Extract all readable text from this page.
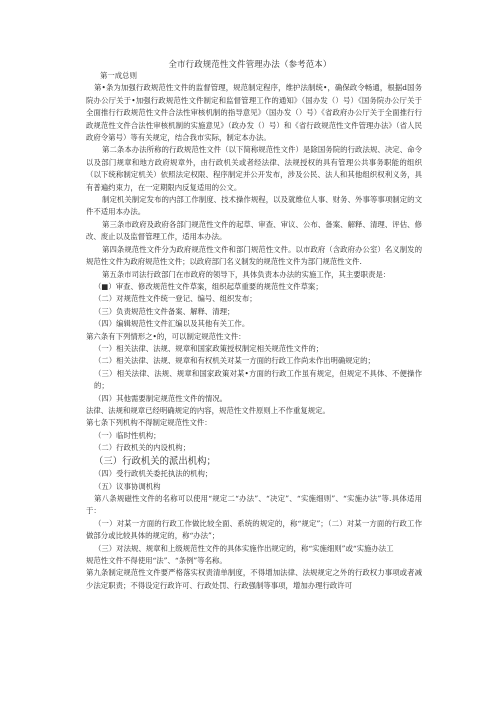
全市行政规范性文件管理办法（参考范本）

第一成总则

第•条为加强行政规范性文件的监督管理，规范制定程序，维护法制统•，确保政令畅通，根据d国务院办公厅关于•加强行政规范性文件制定和监督管理工作的通知》（国办发（）号）《国务院办公厅关于全面推行行政规范性文件合法性审核机制的指导意见》（国办发（）号）《省政府办公厅关于全面推行行政规范性文件合法性审核机制的实施意见》（政办发（）号）和《省行政规范性文件管理办法》（省人民政府令第号）等有关规定，结合我市实际，制定本办法。

第二条本办法所称的行政规范性文件（以下简称规范性文件）是除国务院的行政法规、决定、命令以及部门规章和地方政府规章外，由行政机关或者经法律、法规授权的具有管理公共事务职能的组织（以下统称制定机关）依照法定权限、程序制定并公开发布，涉及公民、法人和其他组织权利义务，具有普遍约束力，在一定期限内反复适用的公文。

制定机关制定发布的内部工作制度、技术操作规程，以及就维位人事、财务、外事等事项制定的文件不适用本办法。

第三条市政府及政府各部门规范性文件的起草、审查、审议、公布、备案、解释、清理、评估、修改、废止以及监督管理工作，适用本办法。

第四条规范性文件分为政府规范性文件和部门规范性文件。以市政府（含政府办公室）名义制发的规范性文件为政府规范性文件；以政府部门名义制发的规范性文件为部门规范性文件.

第五条市司法行政部门在市政府的领导下，具体负责本办法的实施工作，其主要职责是：

（■）审查、修改规范性文件草案，组织起草重要的规范性文件草案；

（二）对规范性文件统一登记、编号、组织发布；

（三）负责规范性文件备案、解释、清理；

（四）编辑规范性文件汇编以及其他有关工作。

第六条有下列情形之•的，可以制定规范性文件：

（一）相关法律、法规、规章和国家政策授权制定相关规范性文件的；

（二）相关法律、法规、规章和有权机关对某一方面的行政工作尚未作出明确规定的；

（三）相关法律、法规、规章和国家政策对某•方面的行政工作虽有规定，但规定不具体、不便操作的；

（四）其他需要制定规范性文件的情况。

法律、法规和规章已经明确规定的内容，规范性文件原则上不作重复规定。

第七条下列机构不得制定规范性文件：

（一）临时性机构；

（二）行政机关的内设机构；

（三）行政机关的派出机构；

（四）受行政机关委托执法的机构；

（五）议事协调机构

第八条规磁性文件的名称可以使用“规定二“办法”、“决定”、“实施细则”、“实施办法”等.具体适用于：

（一）对某一方面的行政工作做比较全面、系统的规定的，称“规定”；（二）对某一方面的行政工作做部分或比较具体的规定的，称“办法”；

（三）对法规、规章和上级规范性文件的具体实施作出规定的，称“实施细则”或“实施办法工

规范性文件不得使用“法”、“条例”等名称。

第九条制定规范性文件要严格落实权责清单制度，不得增加法律、法规规定之外的行政权力事项或者减少法定职责；不得设定行政许可、行政处罚、行政强制等事项，增加办理行政许可
